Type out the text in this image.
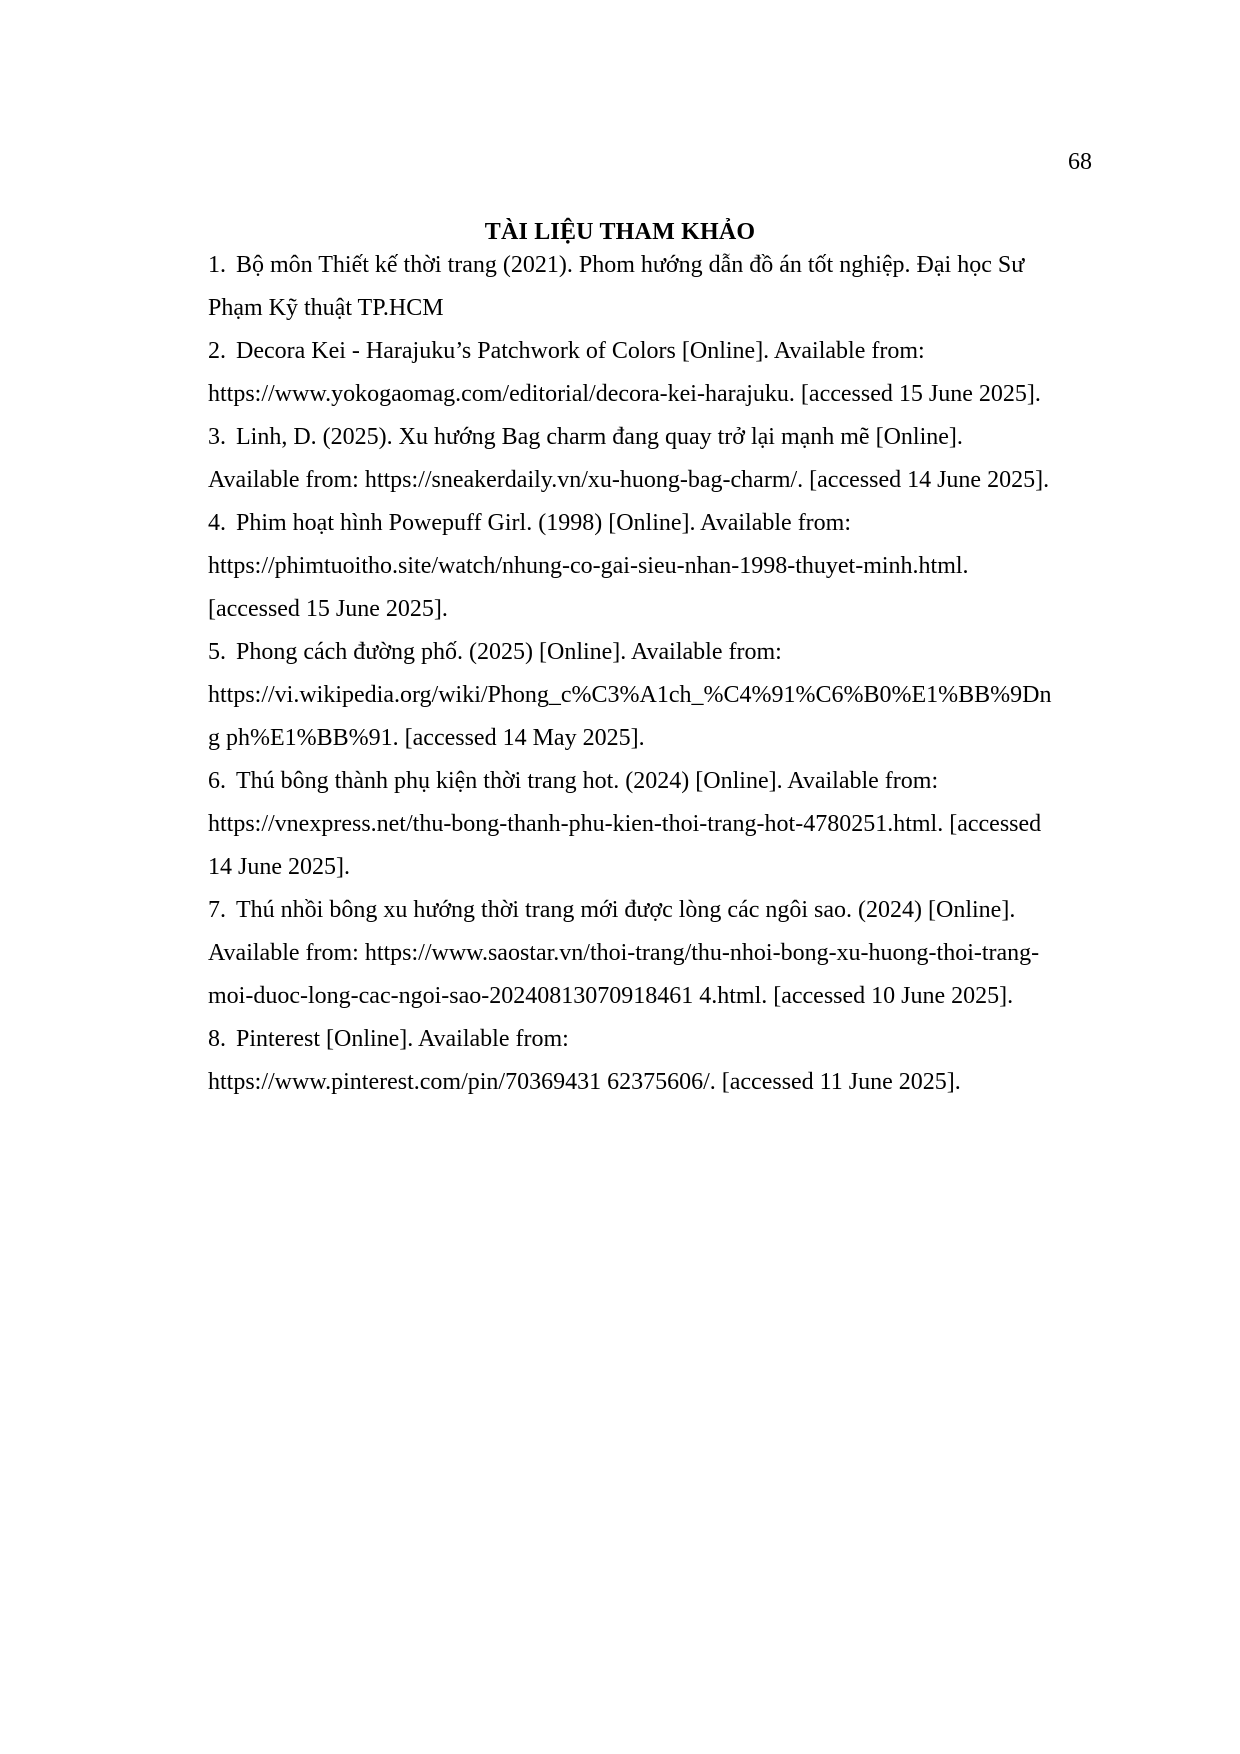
68
TÀI LIỆU THAM KHẢO
1. Bộ môn Thiết kế thời trang (2021). Phom hướng dẫn đồ án tốt nghiệp. Đại học Sư
Phạm Kỹ thuật TP.HCM
2. Decora Kei - Harajuku’s Patchwork of Colors [Online]. Available from:
https://www.yokogaomag.com/editorial/decora-kei-harajuku. [accessed 15 June 2025].
3. Linh, D. (2025). Xu hướng Bag charm đang quay trở lại mạnh mẽ [Online].
Available from: https://sneakerdaily.vn/xu-huong-bag-charm/. [accessed 14 June 2025].
4. Phim hoạt hình Powepuff Girl. (1998) [Online]. Available from:
https://phimtuoitho.site/watch/nhung-co-gai-sieu-nhan-1998-thuyet-minh.html.
[accessed 15 June 2025].
5. Phong cách đường phố. (2025) [Online]. Available from:
https://vi.wikipedia.org/wiki/Phong_c%C3%A1ch_%C4%91%C6%B0%E1%BB%9Dn
g ph%E1%BB%91. [accessed 14 May 2025].
6. Thú bông thành phụ kiện thời trang hot. (2024) [Online]. Available from:
https://vnexpress.net/thu-bong-thanh-phu-kien-thoi-trang-hot-4780251.html. [accessed
14 June 2025].
7. Thú nhồi bông xu hướng thời trang mới được lòng các ngôi sao. (2024) [Online].
Available from: https://www.saostar.vn/thoi-trang/thu-nhoi-bong-xu-huong-thoi-trang-
moi-duoc-long-cac-ngoi-sao-20240813070918461 4.html. [accessed 10 June 2025].
8. Pinterest [Online]. Available from:
https://www.pinterest.com/pin/70369431 62375606/. [accessed 11 June 2025].
